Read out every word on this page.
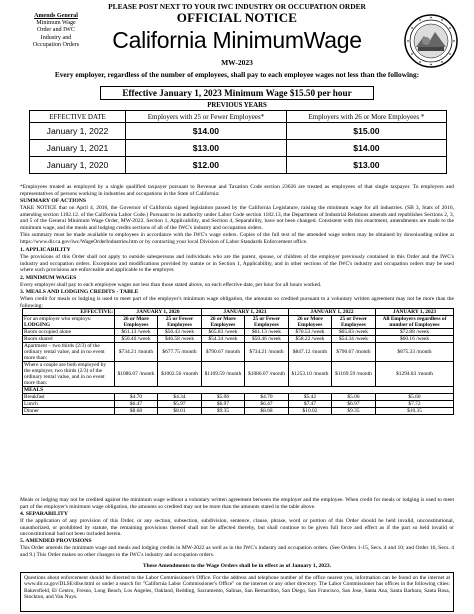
PLEASE POST NEXT TO YOUR IWC INDUSTRY OR OCCUPATION ORDER
Amends General
Minimum Wage
Order and IWC
Industry and
Occupation Orders
OFFICIAL NOTICE
California MinimumWage
MW-2023
Every employer, regardless of the number of employees, shall pay to each employee wages not less than the following:
Effective January 1, 2023 Minimum Wage $15.50 per hour
PREVIOUS YEARS
EFFECTIVE DATE	Employers with 25 or Fewer Employees*	Employers with 26 or More Employees *
January 1, 2022	$14.00	$15.00
January 1, 2021	$13.00	$14.00
January 1, 2020	$12.00	$13.00
*Employees treated as employed by a single qualified taxpayer pursuant to Revenue and Taxation Code section 23626 are treated as employees of that single taxpayer. To employers and representatives of persons working in industries and occupations in the State of California:
SUMMARY OF ACTIONS
TAKE NOTICE that on April 4, 2016, the Governor of California signed legislation passed by the California Legislature, raising the minimum wage for all industries. (SB 3, Stats of 2016, amending section 1182.12. of the California Labor Code.) Pursuant to its authority under Labor Code section 1182.13, the Department of Industrial Relations amends and republishes Sections 2, 3, and 5 of the General Minimum Wage Order, MW-2022. Section 1, Applicability, and Section 4, Separability, have not been changed. Consistent with this enactment, amendments are made to the minimum wage, and the meals and lodging credits sections of all of the IWC's industry and occupation orders.
This summary must be made available to employees in accordance with the IWC's wage orders. Copies of the full text of the amended wage orders may be obtained by downloading online at https://www.dir.ca.gov/iwc/WageOrderIndustries.htm or by contacting your local Division of Labor Standards Enforcement office.
1. APPLICABILITY
The provisions of this Order shall not apply to outside salespersons and individuals who are the parent, spouse, or children of the employer previously contained in this Order and the IWC's industry and occupation orders. Exceptions and modifications provided by statute or in Section 1, Applicability, and in other sections of the IWC's industry and occupation orders may be used where such provisions are enforceable and applicable to the employer.
2. MINIMUM WAGES
Every employer shall pay to each employee wages not less than those stated above, on each effective date, per hour for all hours worked.
3. MEALS AND LODGING CREDITS - TABLE
When credit for meals or lodging is used to meet part of the employer's minimum wage obligation, the amounts so credited pursuant to a voluntary written agreement may not be more than the following:
EFFECTIVE:	JANUARY 1, 2020		JANUARY 1, 2021		JANUARY 1, 2022		JANUARY 1, 2023

For an employer who employs:
LODGING	26 or More Employees	25 or Fewer Employees	26 or More Employees	25 or Fewer Employees	26 or More Employees	25 or Fewer Employees	All Employers regardless of number of Employees
Room occupied alone	$61.13 /week	$56.43 /week	$65.83 /week	$61.13 /week	$70.53 /week	$65.83 /week	$72.88 /week
Room shared	$50.46 /week	$46.58 /week	$54.34 /week	$50.46 /week	$58.22 /week	$54.34 /week	$60.16 /week
Apartment – two thirds (2/3) of the ordinary rental value, and in no event more than:	$734.21 /month	$677.75 /month	$790.67 /month	$734.21 /month	$847.12 /month	$790.67 /month	$875.33 /month
Where a couple are both employed by the employer, two thirds (2/3) of the ordinary rental value, and in no event more than:	$1086.07 /month	$1002.56 /month	$1169.59 /month	$1086.07 /month	$1253.10 /month	$1169.59 /month	$1294.83 /month
MEALS							
Breakfast	$4.70	$4.34	$5.06	$4.70	$5.42	$5.06	$5.60
Lunch	$6.47	$5.97	$6.97	$6.47	$7.47	$6.97	$7.72
Dinner	$8.68	$8.01	$9.35	$8.68	$10.02	$9.35	$10.35
Meals or lodging may not be credited against the minimum wage without a voluntary written agreement between the employer and the employee. When credit for meals or lodging is used to meet part of the employer's minimum wage obligation, the amounts so credited may not be more than the amounts stated in the table above.
4. SEPARABILITY
If the application of any provision of this Order, or any section, subsection, subdivision, sentence, clause, phrase, word or portion of this Order should be held invalid, unconstitutional, unauthorized, or prohibited by statute, the remaining provisions thereof shall not be affected thereby, but shall continue to be given full force and effect as if the part so held invalid or unconstitutional had not been included herein.
5. AMENDED PROVISIONS
This Order amends the minimum wage and meals and lodging credits in MW-2022 as well as in the IWC's industry and occupation orders. (See Orders 1-15, Secs. 4 and 10; and Order 16, Secs. 4 and 9.) This Order makes no other changes to the IWC's industry and occupation orders.
These Amendments to the Wage Orders shall be in effect as of January 1, 2023.
Questions about enforcement should be directed to the Labor Commissioner's Office. For the address and telephone number of the office nearest you, information can be found on the internet at www.dir.ca.gov/DLSE/dlse.html or under a search for "California Labor Commissioner's Office" on the internet or any other directory. The Labor Commissioner has offices in the following cities: Bakersfield, El Centro, Fresno, Long Beach, Los Angeles, Oakland, Redding, Sacramento, Salinas, San Bernardino, San Diego, San Francisco, San Jose, Santa Ana, Santa Barbara, Santa Rosa, Stockton, and Van Nuys.
